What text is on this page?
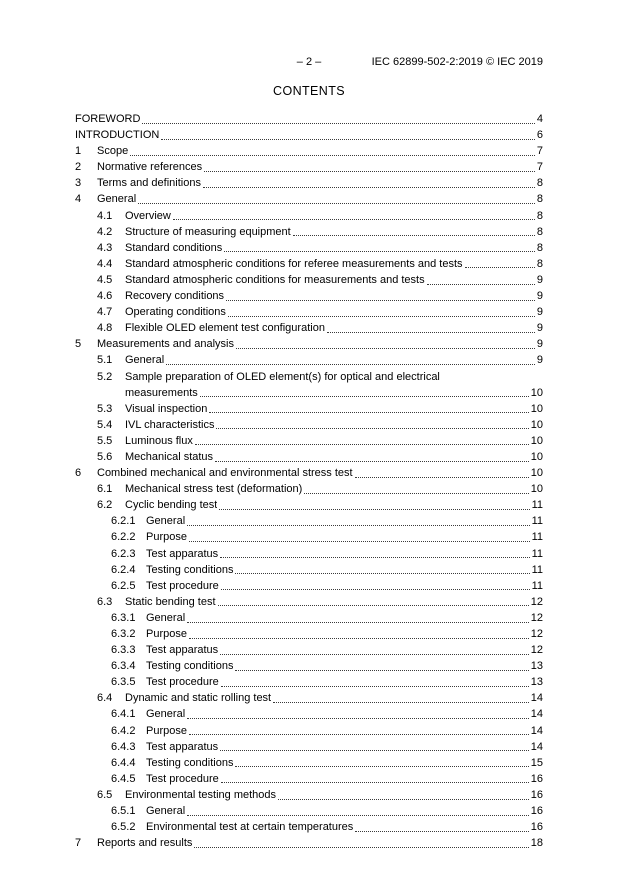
– 2 –	IEC 62899-502-2:2019 © IEC 2019
CONTENTS
FOREWORD	4
INTRODUCTION	6
1	Scope	7
2	Normative references	7
3	Terms and definitions	8
4	General	8
4.1	Overview	8
4.2	Structure of measuring equipment	8
4.3	Standard conditions	8
4.4	Standard atmospheric conditions for referee measurements and tests	8
4.5	Standard atmospheric conditions for measurements and tests	9
4.6	Recovery conditions	9
4.7	Operating conditions	9
4.8	Flexible OLED element test configuration	9
5	Measurements and analysis	9
5.1	General	9
5.2	Sample preparation of OLED element(s) for optical and electrical
measurements	10
5.3	Visual inspection	10
5.4	IVL characteristics	10
5.5	Luminous flux	10
5.6	Mechanical status	10
6	Combined mechanical and environmental stress test	10
6.1	Mechanical stress test (deformation)	10
6.2	Cyclic bending test	11
6.2.1 General	11
6.2.2 Purpose	11
6.2.3 Test apparatus	11
6.2.4 Testing conditions	11
6.2.5 Test procedure	11
6.3	Static bending test	12
6.3.1 General	12
6.3.2 Purpose	12
6.3.3 Test apparatus	12
6.3.4 Testing conditions	13
6.3.5 Test procedure	13
6.4	Dynamic and static rolling test	14
6.4.1 General	14
6.4.2 Purpose	14
6.4.3 Test apparatus	14
6.4.4 Testing conditions	15
6.4.5 Test procedure	16
6.5	Environmental testing methods	16
6.5.1 General	16
6.5.2 Environmental test at certain temperatures	16
7	Reports and results	18
